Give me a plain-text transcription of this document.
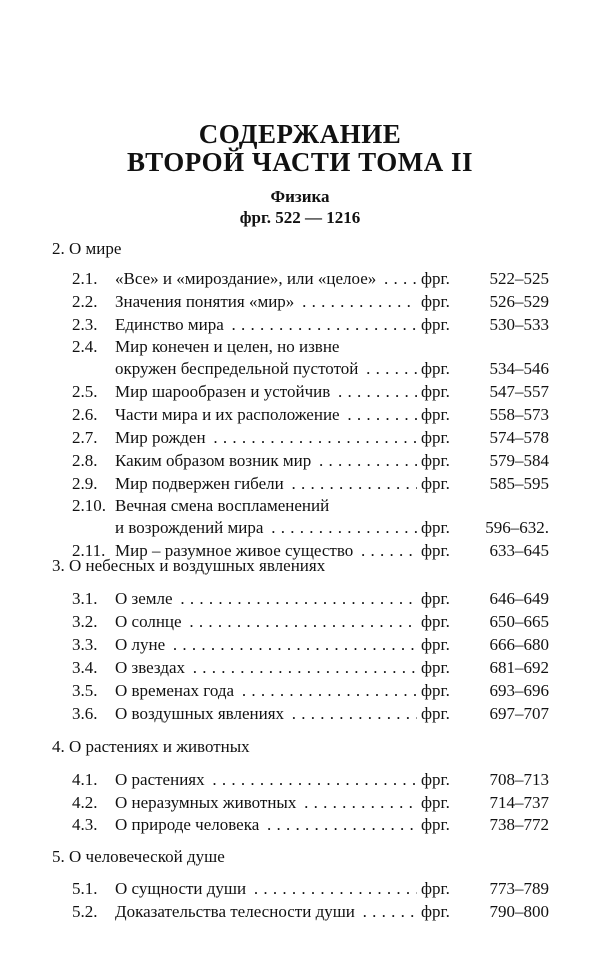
СОДЕРЖАНИЕ
ВТОРОЙ ЧАСТИ ТОМА II
Физика
фрг. 522 — 1216
2. О мире
2.1. «Все» и «мироздание», или «целое» . . .	фрг. 522–525
2.2. Значения понятия «мир» . . .	фрг. 526–529
2.3. Единство мира . . .	фрг. 530–533
2.4. Мир конечен и целен, но извне
окружен беспредельной пустотой . . .	фрг. 534–546
2.5. Мир шарообразен и устойчив . . .	фрг. 547–557
2.6. Части мира и их расположение . . .	фрг. 558–573
2.7. Мир рожден . . .	фрг. 574–578
2.8. Каким образом возник мир . . .	фрг. 579–584
2.9. Мир подвержен гибели . . .	фрг. 585–595
2.10. Вечная смена воспламенений
и возрождений мира . . .	фрг. 596–632.
2.11. Мир – разумное живое существо . . .	фрг. 633–645
3. О небесных и воздушных явлениях
3.1. О земле . . .	фрг. 646–649
3.2. О солнце . . .	фрг. 650–665
3.3. О луне . . .	фрг. 666–680
3.4. О звездах . . .	фрг. 681–692
3.5. О временах года . . .	фрг. 693–696
3.6. О воздушных явлениях . . .	фрг. 697–707
4. О растениях и животных
4.1. О растениях . . .	фрг. 708–713
4.2. О неразумных животных . . .	фрг. 714–737
4.3. О природе человека . . .	фрг. 738–772
5. О человеческой душе
5.1. О сущности души . . .	фрг. 773–789
5.2. Доказательства телесности души . . .	фрг. 790–800
